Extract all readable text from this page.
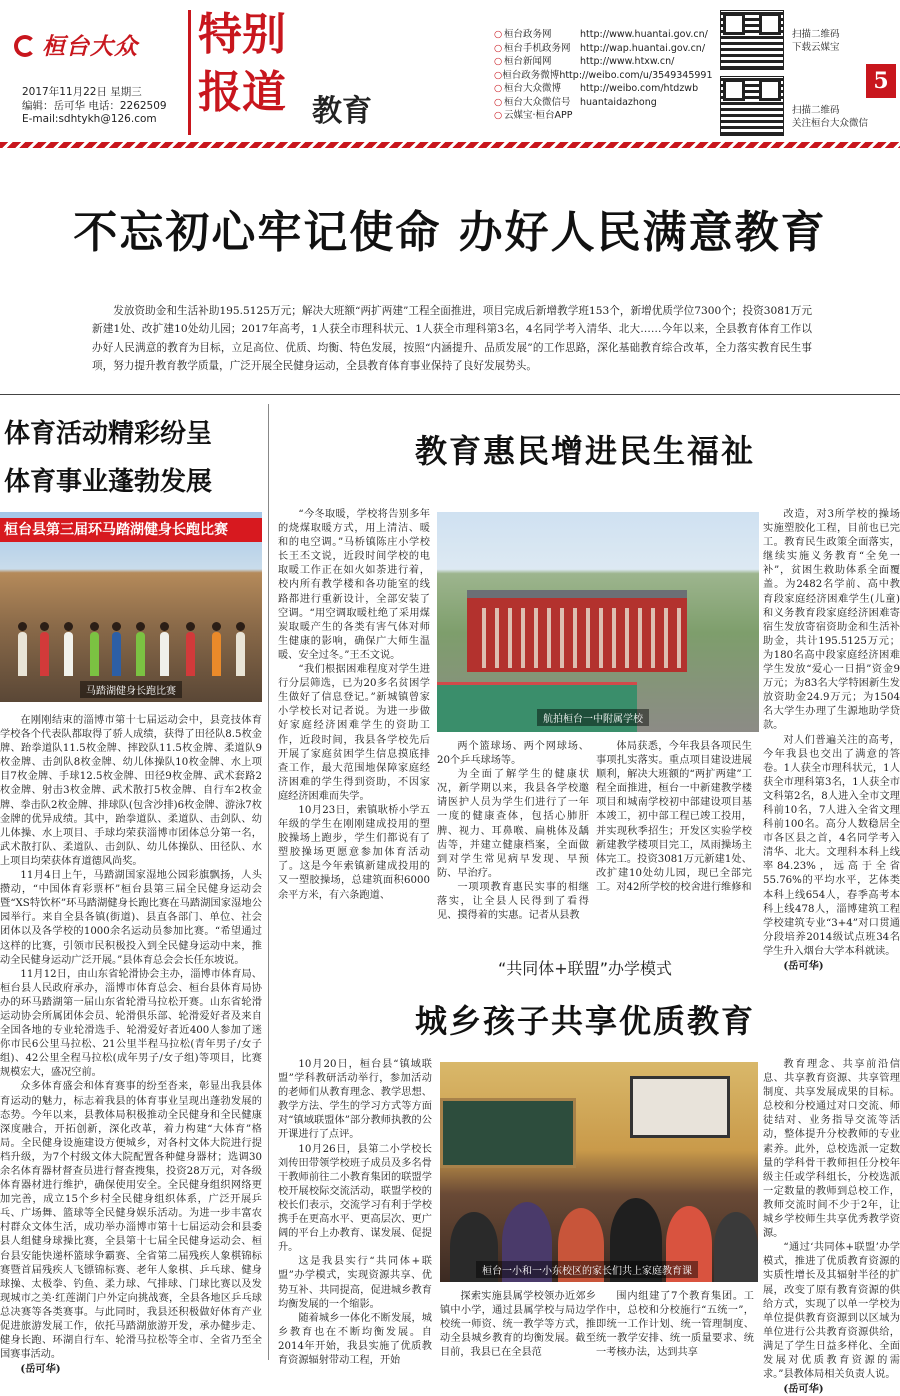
桓台大众
2017年11月22日 星期三
编辑：岳可华 电话：2262509
E-mail:sdhtykh@126.com
特别报道 教育
○ 桓台政务网	http://www.huantai.gov.cn/
○ 桓台手机政务网 http://wap.huantai.gov.cn/
○ 桓台新闻网	http://www.htxw.cn/
○ 桓台政务微博 http://weibo.com/u/3549345991
○ 桓台大众微博	http://weibo.com/htdzwb
○ 桓台大众微信号 huantaidazhong
○ 云媒宝·桓台APP
扫描二维码
下载云媒宝
扫描二维码
关注桓台大众微信
5
不忘初心牢记使命 办好人民满意教育
发放资助金和生活补助195.5125万元；解决大班额“两扩两建”工程全面推进，项目完成后新增教学班153个，新增优质学位7300个；投资3081万元新建1处、改扩建10处幼儿园；2017年高考，1人获全市理科状元、1人获全市理科第3名，4名同学考入清华、北大……今年以来，全县教育体育工作以办好人民满意的教育为目标，立足高位、优质、均衡、特色发展，按照“内涵提升、品质发展”的工作思路，深化基础教育综合改革，全力落实教育民生事项，努力提升教育教学质量，广泛开展全民健身运动，全县教育体育事业保持了良好发展势头。
体育活动精彩纷呈
体育事业蓬勃发展
桓台县第三届环马踏湖健身长跑比赛
马踏湖健身长跑比赛

在刚刚结束的淄博市第十七届运动会中，县竞技体育学校各个代表队都取得了骄人成绩，获得了田径队8.5枚金牌、跆拳道队11.5枚金牌、摔跤队11.5枚金牌、柔道队9枚金牌、击剑队8枚金牌、幼儿体操队10枚金牌、水上项目7枚金牌、手球12.5枚金牌、田径9枚金牌、武术套路2枚金牌、射击3枚金牌、武术散打5枚金牌、自行车2枚金牌、拳击队2枚金牌、排球队(包含沙排)6枚金牌、游泳7枚金牌的优异成绩。其中，跆拳道队、柔道队、击剑队、幼儿体操、水上项目、手球均荣获淄博市团体总分第一名，武术散打队、柔道队、击剑队、幼儿体操队、田径队、水上项目均荣获体育道德风尚奖。

11月4日上午，马踏湖国家湿地公园彩旗飘扬，人头攒动，“中国体育彩票杯”桓台县第三届全民健身运动会暨“XS特饮杯”环马踏湖健身长跑比赛在马踏湖国家湿地公园举行。来自全县各镇(街道)、县直各部门、单位、社会团体以及各学校的1000余名运动员参加比赛。“希望通过这样的比赛，引领市民积极投入到全民健身运动中来，推动全民健身运动广泛开展。”县体育总会会长任东坡说。

11月12日，由山东省轮滑协会主办，淄博市体育局、桓台县人民政府承办，淄博市体育总会、桓台县体育局协办的环马踏湖第一届山东省轮滑马拉松开赛。山东省轮滑运动协会所属团体会员、轮滑俱乐部、轮滑爱好者及来自全国各地的专业轮滑选手、轮滑爱好者近400人参加了迷你市民6公里马拉松、21公里半程马拉松(青年男子/女子组)、42公里全程马拉松(成年男子/女子组)等项目，比赛规模宏大，盛况空前。

众多体育盛会和体育赛事的纷至沓来，彰显出我县体育运动的魅力，标志着我县的体育事业呈现出蓬勃发展的态势。今年以来，县教体局积极推动全民健身和全民健康深度融合，开拓创新，深化改革，着力构建“大体育”格局。全民健身设施建设方便城乡，对各村文体大院进行提档升级，为7个村级文体大院配置各种健身器材；选调30余名体育器材督查员进行督查搜集，投资28万元，对各级体育器材进行维护，确保使用安全。全民健身组织网络更加完善，成立15个乡村全民健身组织体系，广泛开展乒乓、广场舞、篮球等全民健身娱乐活动。为进一步丰富农村群众文体生活，成功举办淄博市第十七届运动会和县委县人组健身球操比赛，全县第十七届全民健身运动会、桓台县安能快递杯篮球争霸赛、全省第二届残疾人象棋锦标赛暨首届残疾人飞镖锦标赛、老年人象棋、乒乓球、健身球操、太极拳、钓鱼、柔力球、气排球、门球比赛以及发现城市之美·红莲湖门户外定向挑战赛，全县各地区乒乓球总决赛等各类赛事。与此同时，我县还积极做好体育产业促进旅游发展工作，依托马踏湖旅游开发，承办健步走、健身长跑、环湖自行车、轮滑马拉松等全市、全省乃至全国赛事活动。

(岳可华)

教育惠民增进民生福祉

“今冬取暖，学校将告别多年的烧煤取暖方式，用上清洁、暖和的电空调。”马桥镇陈庄小学校长王丕文说，近段时间学校的电取暖工作正在如火如荼进行着，校内所有教学楼和各功能室的线路都进行重新设计，全部安装了空调。“用空调取暖杜绝了采用煤炭取暖产生的各类有害气体对师生健康的影响，确保广大师生温暖、安全过冬。”王丕文说。

“我们根据困难程度对学生进行分层筛选，已为20多名贫困学生做好了信息登记。”新城镇曾家小学校长对记者说。为进一步做好家庭经济困难学生的资助工作，近段时间，我县各学校先后开展了家庭贫困学生信息摸底排查工作，最大范围地保障家庭经济困难的学生得到资助，不因家庭经济困难而失学。

10月23日，索镇耿桥小学五年级的学生在刚刚建成投用的塑胶操场上跑步，学生们都说有了塑胶操场更愿意参加体育活动了。这是今年索镇新建成投用的又一塑胶操场，总建筑面积6000余平方米，有六条跑道、

航拍桓台一中附属学校

两个篮球场、两个网球场、20个乒乓球场等。

为全面了解学生的健康状况，新学期以来，我县各学校邀请医护人员为学生们进行了一年一度的健康查体，包括心肺肝脾、视力、耳鼻喉、扁桃体及龋齿等，并建立健康档案，全面做到对学生常见病早发现、早预防、早治疗。

一项项教育惠民实事的相继落实，让全县人民得到了看得见、摸得着的实惠。记者从县教

体局获悉，今年我县各项民生事项扎实落实。重点项目建设进展顺利，解决大班额的“两扩两建”工程全面推进，桓台一中新建教学楼项目和城南学校初中部建设项目基本竣工，初中部工程已竣工投用，并实现秋季招生；开发区实验学校新建教学楼项目完工，凤雨操场主体完工。投资3081万元新建1处、改扩建10处幼儿园，现已全部完工。对42所学校的校舍进行维修和

改造，对3所学校的操场实施塑胶化工程，目前也已完工。教育民生政策全面落实，继续实施义务教育“全免一补”，贫困生救助体系全面覆盖。为2482名学前、高中教育段家庭经济困难学生(儿童)和义务教育段家庭经济困难寄宿生发放寄宿资助金和生活补助金，共计195.5125万元；为180名高中段家庭经济困难学生发放“爱心一日捐”资金9万元；为83名大学特困新生发放资助金24.9万元；为1504名大学生办理了生源地助学贷款。

对人们普遍关注的高考，今年我县也交出了满意的答卷。1人获全市理科状元，1人获全市理科第3名，1人获全市文科第2名，8人进入全市文理科前10名，7人进入全省文理科前100名。高分人数稳居全市各区县之首，4名同学考入清华、北大。文理科本科上线率84.23%，远高于全省55.76%的平均水平，艺体类本科上线654人，春季高考本科上线478人，淄博建筑工程学校建筑专业“3+4”对口贯通分段培养2014级试点班34名学生升入烟台大学本科就读。

(岳可华)

“共同体+联盟”办学模式
城乡孩子共享优质教育

10月20日，桓台县“镇域联盟”学科教研活动举行，参加活动的老师们从教育理念、教学思想、教学方法、学生的学习方式等方面对“镇域联盟体”部分教师执教的公开课进行了点评。

10月26日，县第二小学校长刘传田带领学校班子成员及多名骨干教师前往二小教育集团的联盟学校开展校际交流活动，联盟学校的校长们表示，交流学习有利于学校携手在更高水平、更高层次、更广阔的平台上办教育、谋发展、促提升。

这是我县实行“共同体+联盟”办学模式，实现资源共享、优势互补、共同提高，促进城乡教育均衡发展的一个缩影。

随着城乡一体化不断发展，城乡教育也在不断均衡发展。自2014年开始，我县实施了优质教育资源辐射带动工程，开始

桓台一小和一小东校区的家长们共上家庭教育课

探索实施县属学校领办近郊乡镇中小学，通过县属学校与局边学校统一师资、统一教学等方式，推动全县城乡教育的均衡发展。截至目前，我县已在全县范

围内组建了7个教育集团。工作中，总校和分校施行“五统一”，即统一工作计划、统一管理制度、统一教学安排、统一质量要求、统一考核办法，达到共享

教育理念、共享前沿信息、共享教育资源、共享管理制度、共享发展成果的目标。总校和分校通过对口交流、师徒结对、业务指导交流等活动，整体提升分校教师的专业素养。此外，总校选派一定数量的学科骨干教师担任分校年级主任或学科组长，分校选派一定数量的教师到总校工作，教师交流时间不少于2年，让城乡学校师生共享优秀教学资源。

“通过‘共同体+联盟’办学模式，推进了优质教育资源的实质性增长及其辐射半径的扩展，改变了原有教育资源的供给方式，实现了以单一学校为单位提供教育资源到以区域为单位进行公共教育资源供给，满足了学生日益多样化、全面发展对优质教育资源的需求。”县教体局相关负责人说。

(岳可华)
